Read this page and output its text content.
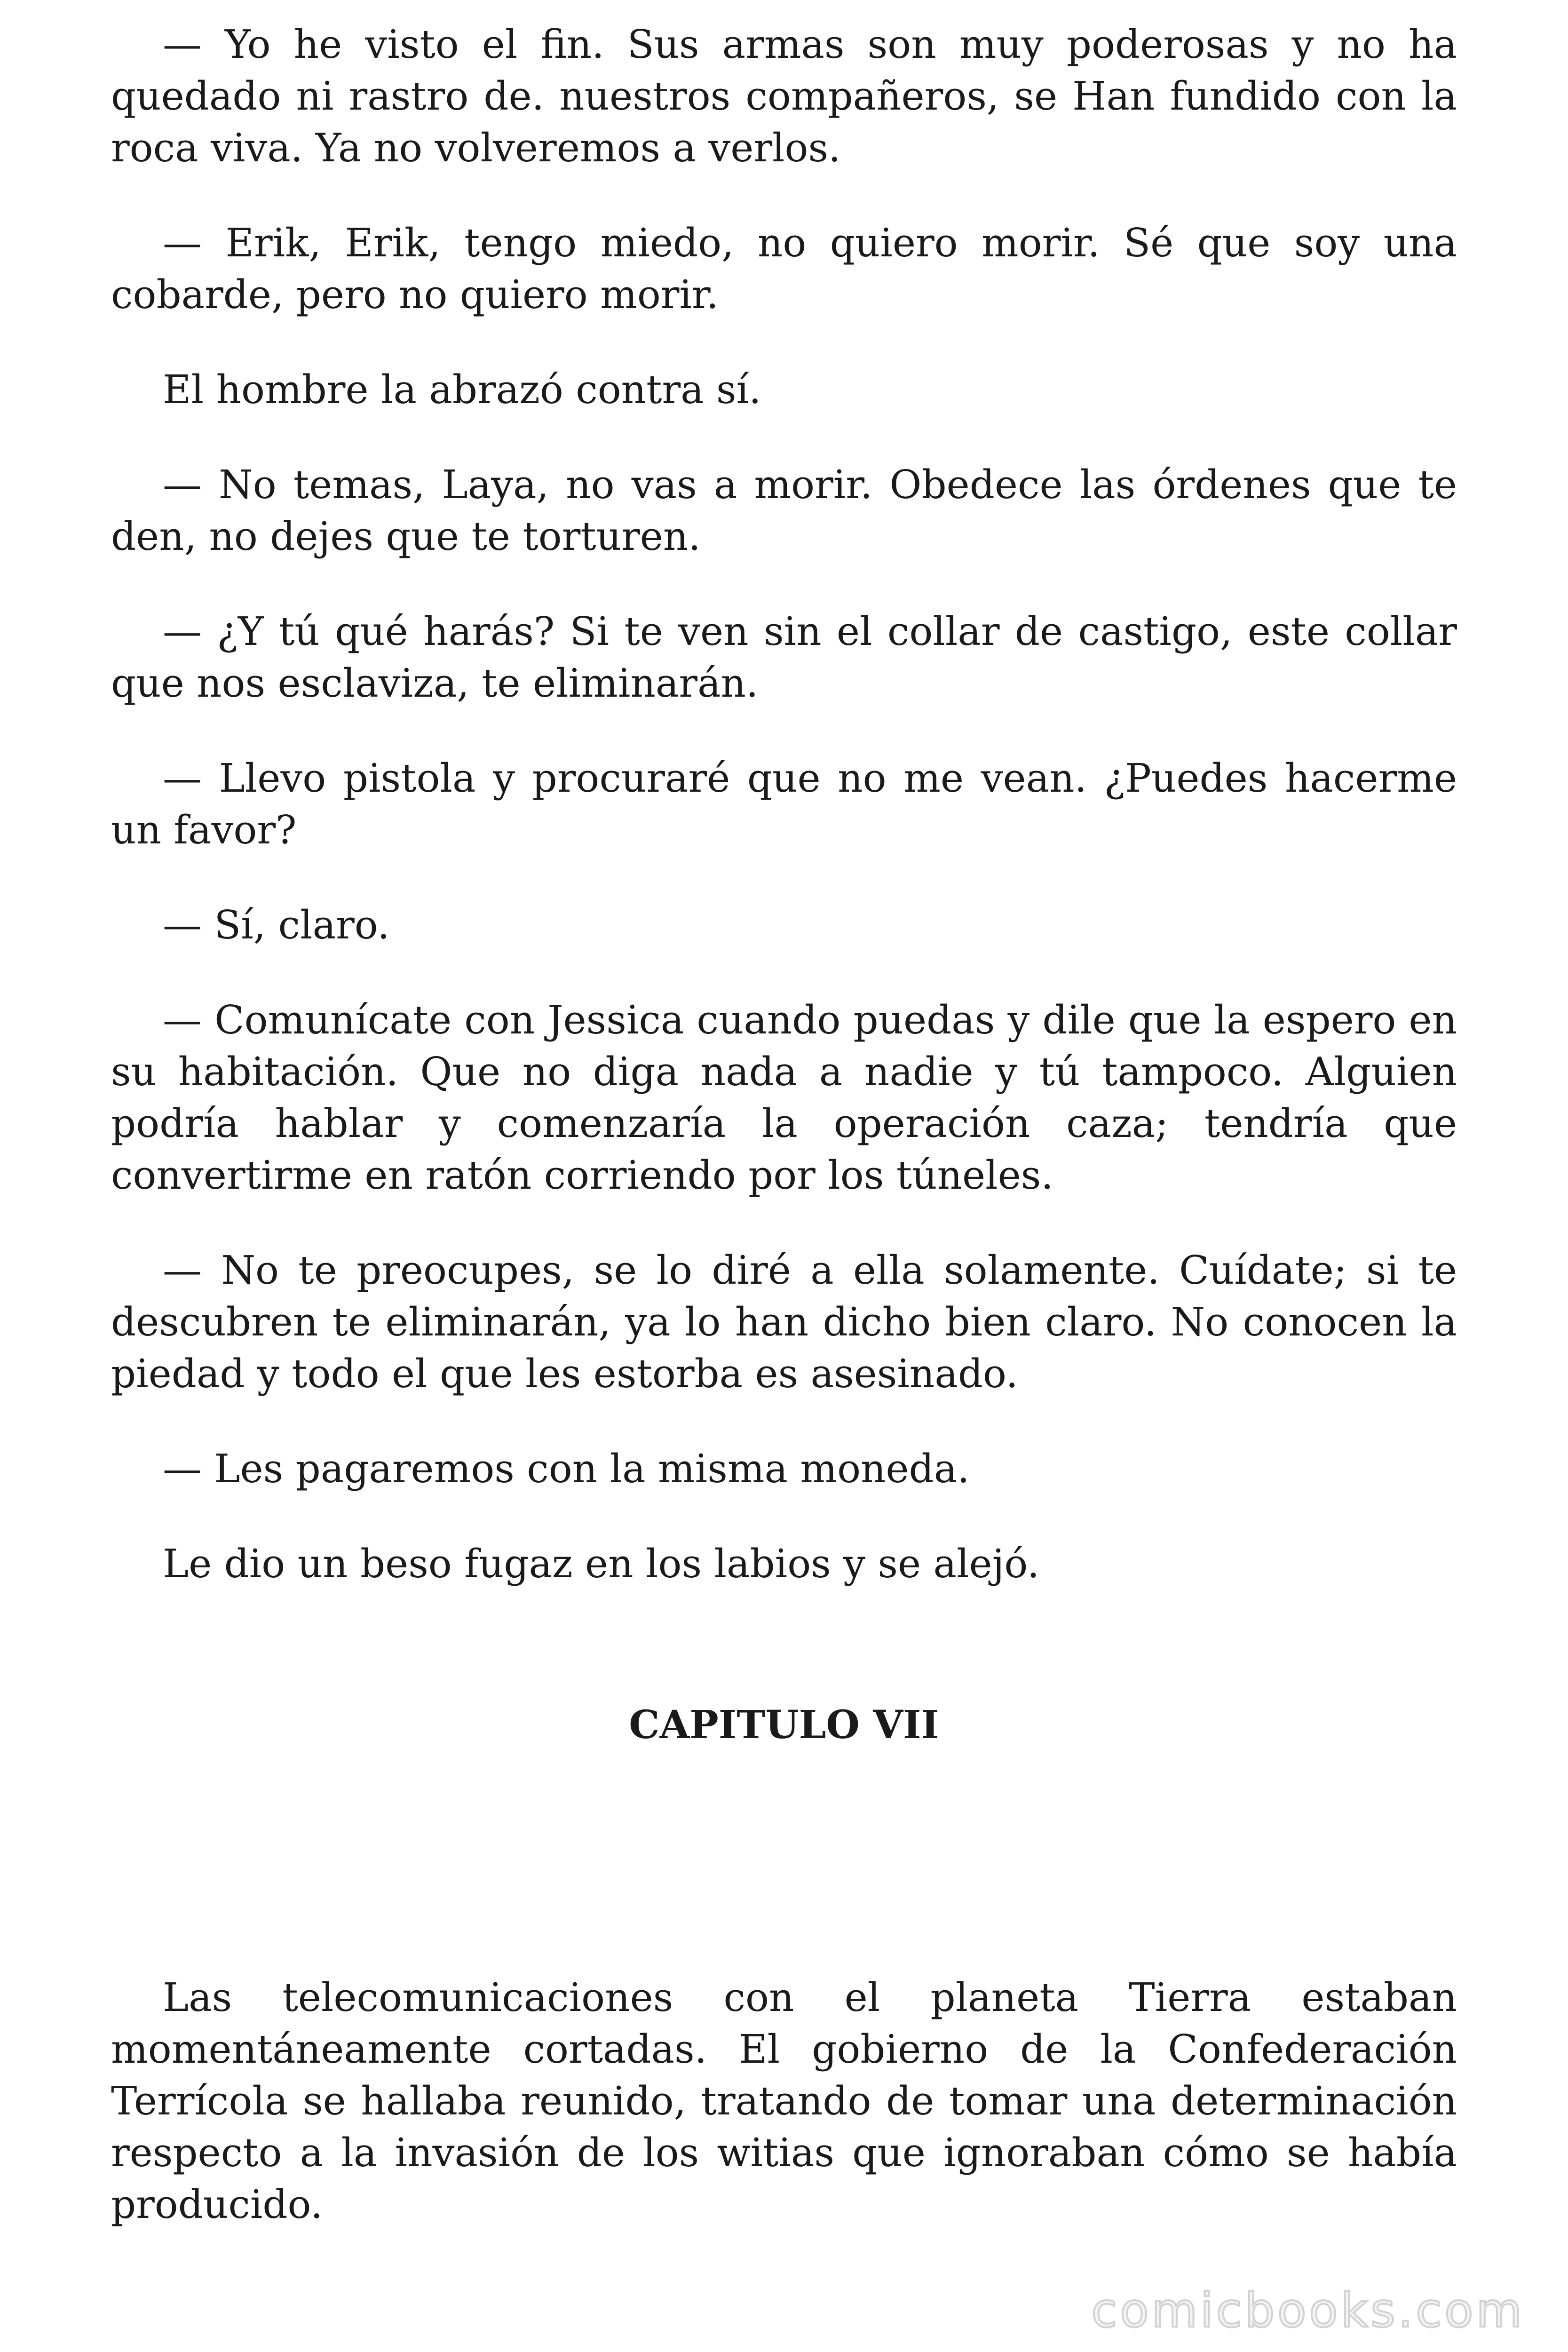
— Yo he visto el fin. Sus armas son muy poderosas y no ha quedado ni rastro de. nuestros compañeros, se Han fundido con la roca viva. Ya no volveremos a verlos.

— Erik, Erik, tengo miedo, no quiero morir. Sé que soy una cobarde, pero no quiero morir.

El hombre la abrazó contra sí.

— No temas, Laya, no vas a morir. Obedece las órdenes que te den, no dejes que te torturen.

— ¿Y tú qué harás? Si te ven sin el collar de castigo, este collar que nos esclaviza, te eliminarán.

— Llevo pistola y procuraré que no me vean. ¿Puedes hacerme un favor?

— Sí, claro.

— Comunícate con Jessica cuando puedas y dile que la espero en su habitación. Que no diga nada a nadie y tú tampoco. Alguien podría hablar y comenzaría la operación caza; tendría que convertirme en ratón corriendo por los túneles.

— No te preocupes, se lo diré a ella solamente. Cuídate; si te descubren te eliminarán, ya lo han dicho bien claro. No conocen la piedad y todo el que les estorba es asesinado.

— Les pagaremos con la misma moneda.

Le dio un beso fugaz en los labios y se alejó.

CAPITULO VII

Las telecomunicaciones con el planeta Tierra estaban momentáneamente cortadas. El gobierno de la Confederación Terrícola se hallaba reunido, tratando de tomar una determinación respecto a la invasión de los witias que ignoraban cómo se había producido.

comicbooks.com
